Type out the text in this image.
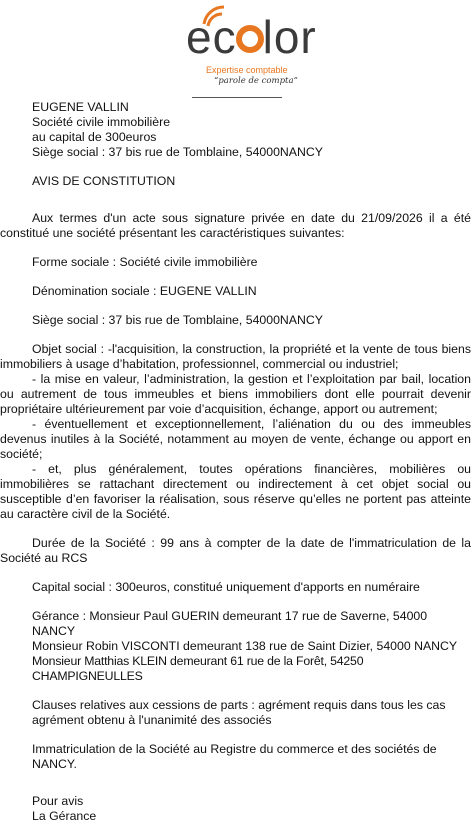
ec lor
Expertise comptable
“parole de compta”
EUGENE VALLIN
Société civile immobilière
au capital de 300euros
Siège social : 37 bis rue de Tomblaine, 54000NANCY
AVIS DE CONSTITUTION
Aux termes d'un acte sous signature privée en date du 21/09/2026 il a été constitué une société présentant les caractéristiques suivantes:
Forme sociale : Société civile immobilière
Dénomination sociale : EUGENE VALLIN
Siège social : 37 bis rue de Tomblaine, 54000NANCY
Objet social : -l'acquisition, la construction, la propriété et la vente de tous biens immobiliers à usage d’habitation, professionnel, commercial ou industriel;
- la mise en valeur, l’administration, la gestion et l’exploitation par bail, location ou autrement de tous immeubles et biens immobiliers dont elle pourrait devenir propriétaire ultérieurement par voie d’acquisition, échange, apport ou autrement;
- éventuellement et exceptionnellement, l’aliénation du ou des immeubles devenus inutiles à la Société, notamment au moyen de vente, échange ou apport en société;
- et, plus généralement, toutes opérations financières, mobilières ou immobilières se rattachant directement ou indirectement à cet objet social ou susceptible d’en favoriser la réalisation, sous réserve qu’elles ne portent pas atteinte au caractère civil de la Société.
Durée de la Société : 99 ans à compter de la date de l'immatriculation de la Société au RCS
Capital social : 300euros, constitué uniquement d'apports en numéraire
Gérance : Monsieur Paul GUERIN demeurant 17 rue de Saverne, 54000 NANCY
Monsieur Robin VISCONTI demeurant 138 rue de Saint Dizier, 54000 NANCY
Monsieur Matthias KLEIN demeurant 61 rue de la Forêt, 54250 CHAMPIGNEULLES
Clauses relatives aux cessions de parts : agrément requis dans tous les cas agrément obtenu à l'unanimité des associés
Immatriculation de la Société au Registre du commerce et des sociétés de NANCY.
Pour avis
La Gérance
